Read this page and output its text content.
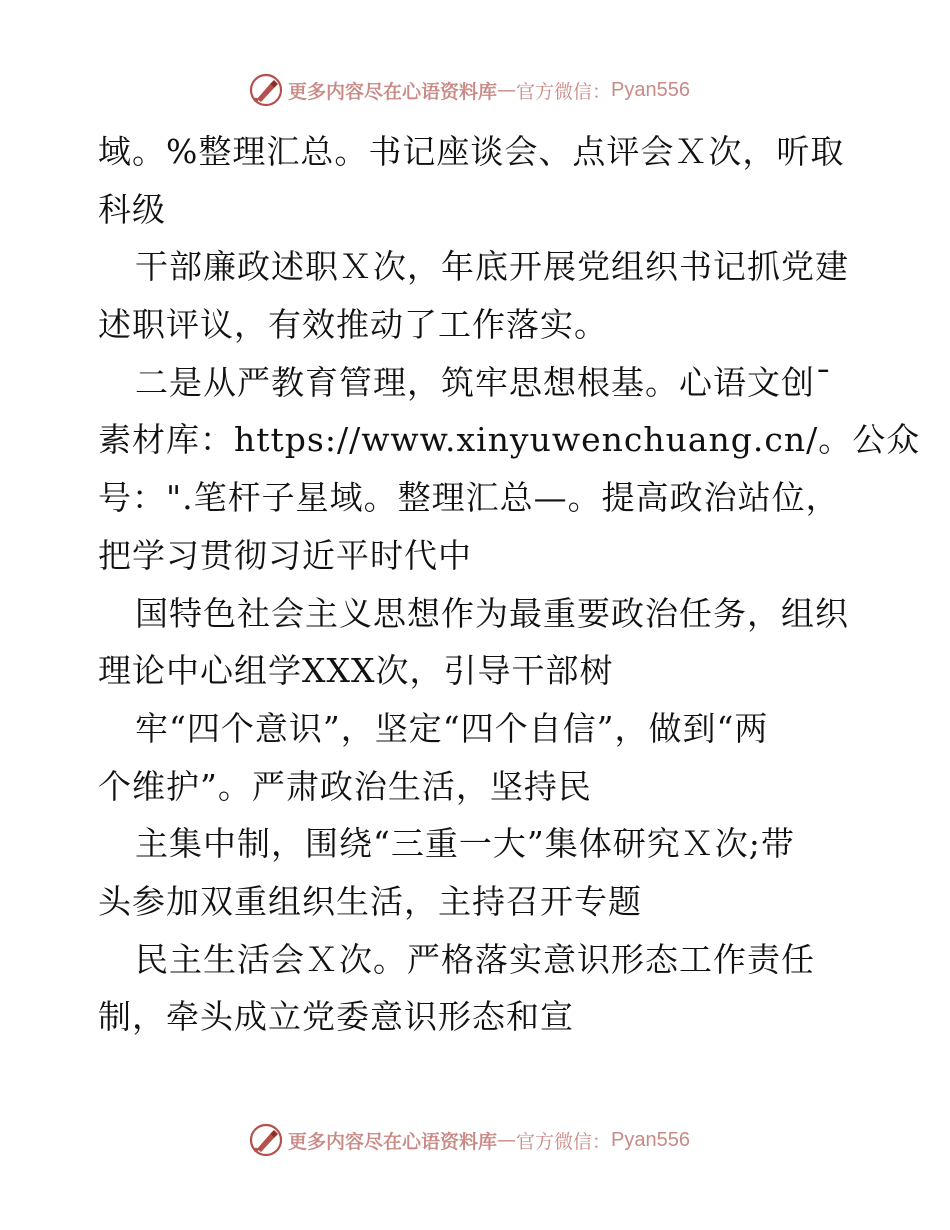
更多内容尽在心语资料库 — 官方微信： Pyan556
域。%整理汇总。书记座谈会、点评会Ｘ次，听取
科级
干部廉政述职Ｘ次，年底开展党组织书记抓党建
述职评议，有效推动了工作落实。
二是从严教育管理，筑牢思想根基。心语文创¯
素材库：https://www.xinyuwenchuang.cn/。公众
号：".笔杆子星域。整理汇总—。提高政治站位，
把学习贯彻习近平时代中
国特色社会主义思想作为最重要政治任务，组织
理论中心组学XXX次，引导干部树
牢“四个意识”，坚定“四个自信”，做到“两
个维护”。严肃政治生活，坚持民
主集中制，围绕“三重一大”集体研究Ｘ次;带
头参加双重组织生活，主持召开专题
民主生活会Ｘ次。严格落实意识形态工作责任
制，牵头成立党委意识形态和宣
更多内容尽在心语资料库 — 官方微信： Pyan556
